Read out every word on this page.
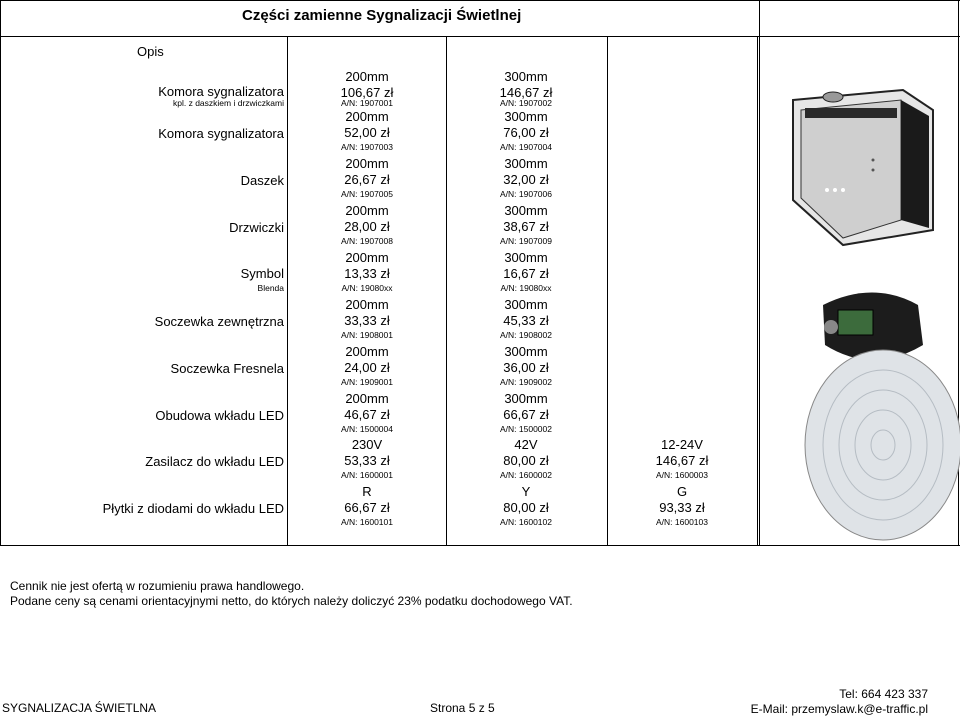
Części zamienne Sygnalizacji Świetlnej
Opis
Komora sygnalizatora
kpl. z daszkiem i drzwiczkami
200mm
106,67 zł
A/N: 1907001
300mm
146,67 zł
A/N: 1907002
Komora sygnalizatora
200mm
52,00 zł
A/N: 1907003
300mm
76,00 zł
A/N: 1907004
Daszek
200mm
26,67 zł
A/N: 1907005
300mm
32,00 zł
A/N: 1907006
Drzwiczki
200mm
28,00 zł
A/N: 1907008
300mm
38,67 zł
A/N: 1907009
Symbol
Blenda
200mm
13,33 zł
A/N: 19080xx
300mm
16,67 zł
A/N: 19080xx
Soczewka zewnętrzna
200mm
33,33 zł
A/N: 1908001
300mm
45,33 zł
A/N: 1908002
Soczewka Fresnela
200mm
24,00 zł
A/N: 1909001
300mm
36,00 zł
A/N: 1909002
Obudowa wkładu LED
200mm
46,67 zł
A/N: 1500004
300mm
66,67 zł
A/N: 1500002
Zasilacz do wkładu LED
230V
53,33 zł
A/N: 1600001
42V
80,00 zł
A/N: 1600002
12-24V
146,67 zł
A/N: 1600003
Płytki z diodami do wkładu LED
R
66,67 zł
A/N: 1600101
Y
80,00 zł
A/N: 1600102
G
93,33 zł
A/N: 1600103
Cennik nie jest ofertą w rozumieniu prawa handlowego.
Podane ceny są cenami orientacyjnymi netto, do których należy doliczyć 23% podatku dochodowego VAT.
SYGNALIZACJA ŚWIETLNA	Strona 5 z 5
Tel: 664 423 337
E-Mail: przemyslaw.k@e-traffic.pl
